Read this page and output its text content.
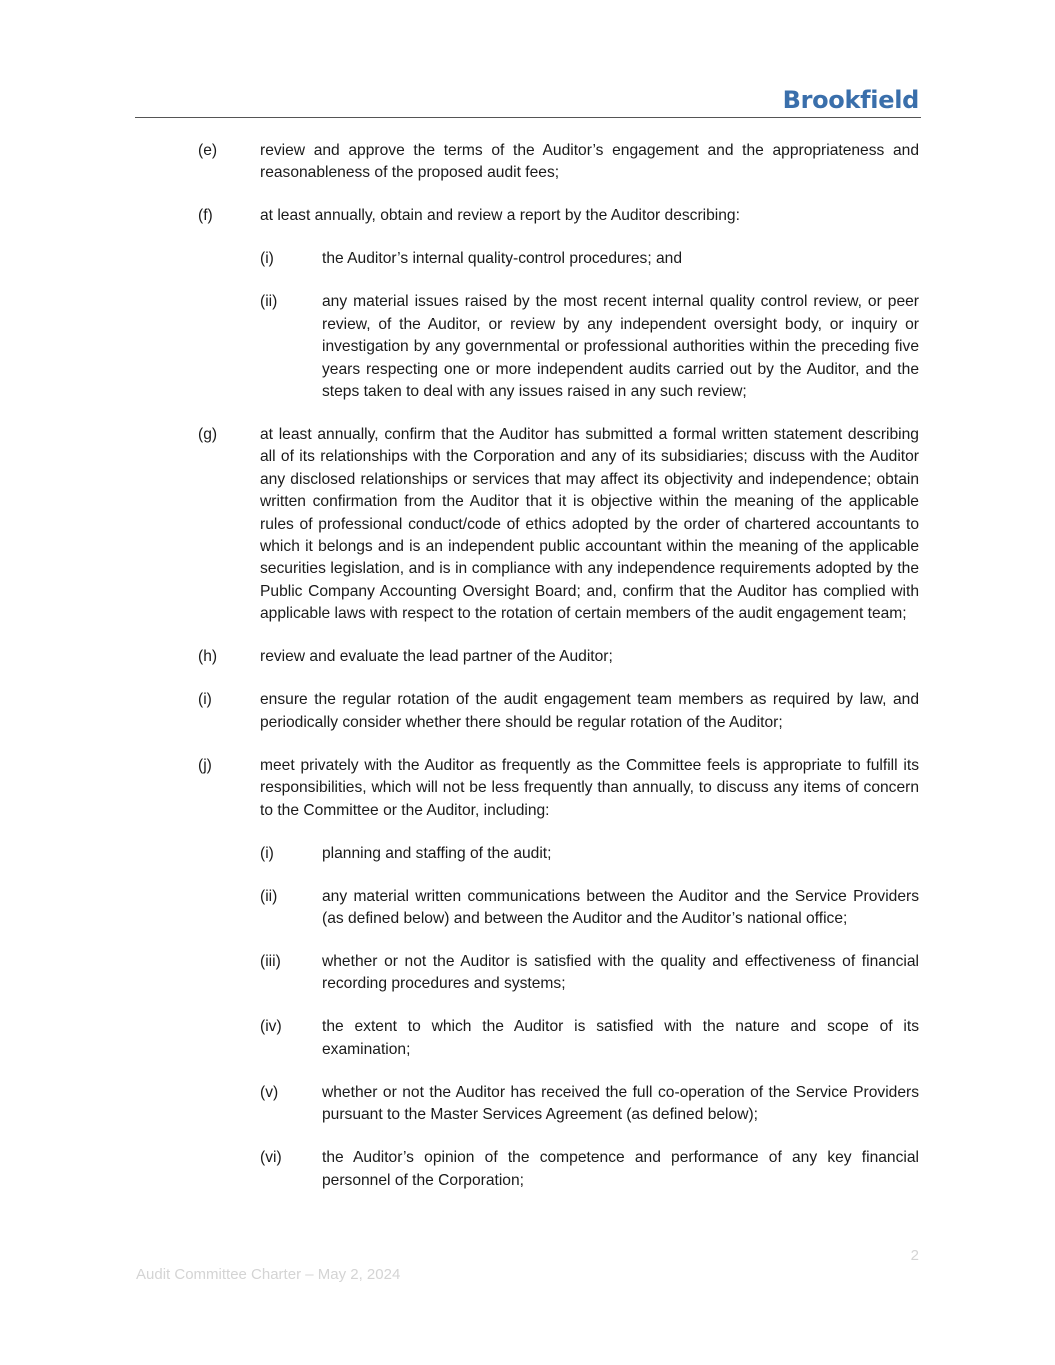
Brookfield
(e)	review and approve the terms of the Auditor’s engagement and the appropriateness and reasonableness of the proposed audit fees;
(f)	at least annually, obtain and review a report by the Auditor describing:
(i)	the Auditor’s internal quality-control procedures; and
(ii)	any material issues raised by the most recent internal quality control review, or peer review, of the Auditor, or review by any independent oversight body, or inquiry or investigation by any governmental or professional authorities within the preceding five years respecting one or more independent audits carried out by the Auditor, and the steps taken to deal with any issues raised in any such review;
(g)	at least annually, confirm that the Auditor has submitted a formal written statement describing all of its relationships with the Corporation and any of its subsidiaries; discuss with the Auditor any disclosed relationships or services that may affect its objectivity and independence; obtain written confirmation from the Auditor that it is objective within the meaning of the applicable rules of professional conduct/code of ethics adopted by the order of chartered accountants to which it belongs and is an independent public accountant within the meaning of the applicable securities legislation, and is in compliance with any independence requirements adopted by the Public Company Accounting Oversight Board; and, confirm that the Auditor has complied with applicable laws with respect to the rotation of certain members of the audit engagement team;
(h)	review and evaluate the lead partner of the Auditor;
(i)	ensure the regular rotation of the audit engagement team members as required by law, and periodically consider whether there should be regular rotation of the Auditor;
(j)	meet privately with the Auditor as frequently as the Committee feels is appropriate to fulfill its responsibilities, which will not be less frequently than annually, to discuss any items of concern to the Committee or the Auditor, including:
(i)	planning and staffing of the audit;
(ii)	any material written communications between the Auditor and the Service Providers (as defined below) and between the Auditor and the Auditor’s national office;
(iii)	whether or not the Auditor is satisfied with the quality and effectiveness of financial recording procedures and systems;
(iv)	the extent to which the Auditor is satisfied with the nature and scope of its examination;
(v)	whether or not the Auditor has received the full co-operation of the Service Providers pursuant to the Master Services Agreement (as defined below);
(vi)	the Auditor’s opinion of the competence and performance of any key financial personnel of the Corporation;
2
Audit Committee Charter – May 2, 2024
